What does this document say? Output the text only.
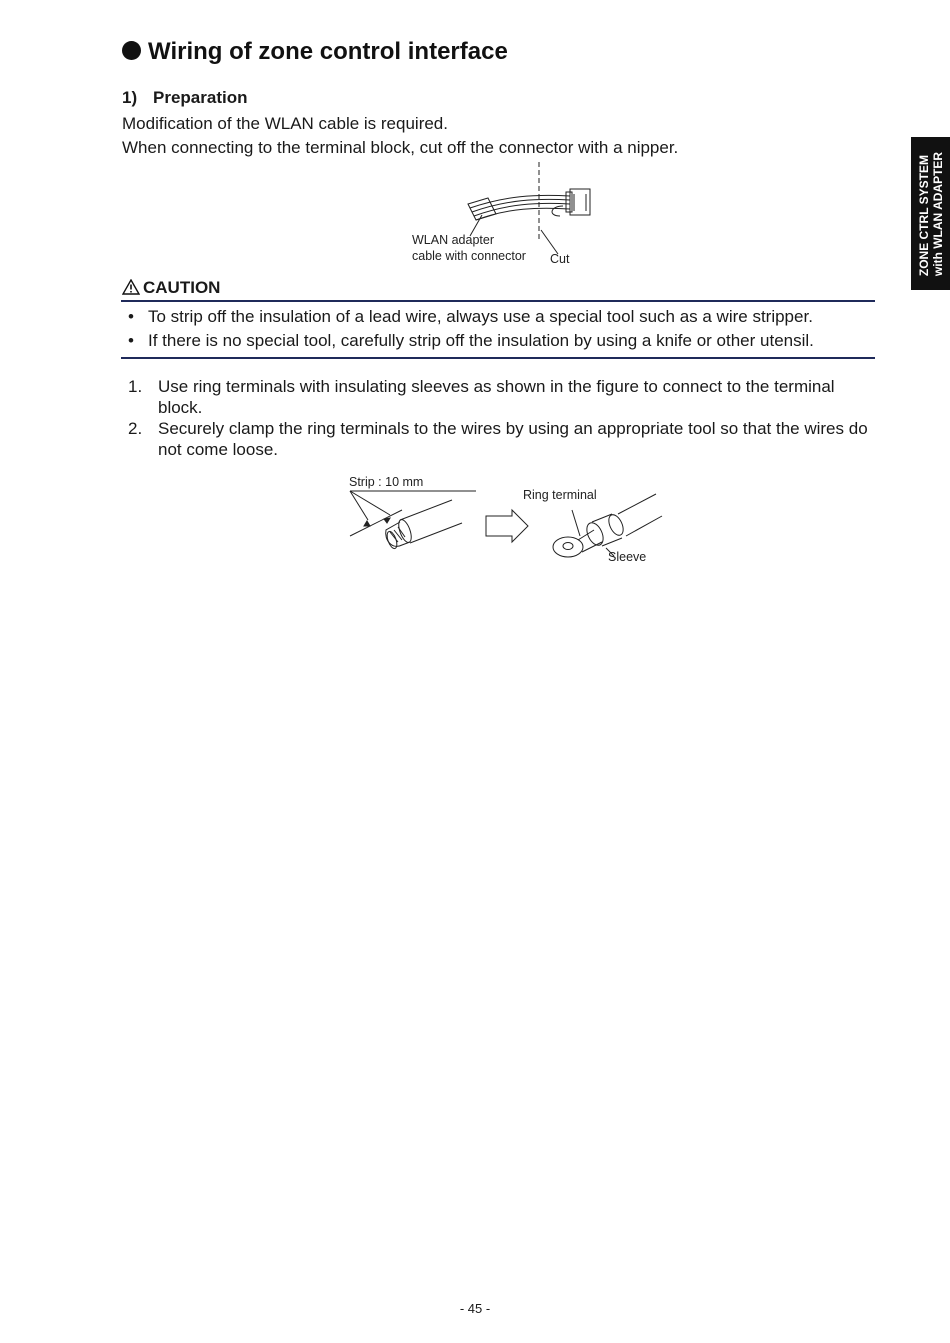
Wiring of zone control interface
1) Preparation
Modification of the WLAN cable is required.
When connecting to the terminal block, cut off the connector with a nipper.
ZONE CTRL SYSTEM with WLAN ADAPTER
WLAN adapter
cable with connector Cut
CAUTION
• To strip off the insulation of a lead wire, always use a special tool such as a wire stripper.
• If there is no special tool, carefully strip off the insulation by using a knife or other utensil.
1. Use ring terminals with insulating sleeves as shown in the figure to connect to the terminal block.
2. Securely clamp the ring terminals to the wires by using an appropriate tool so that the wires do not come loose.
Strip : 10 mm
Ring terminal
Sleeve
- 45 -
